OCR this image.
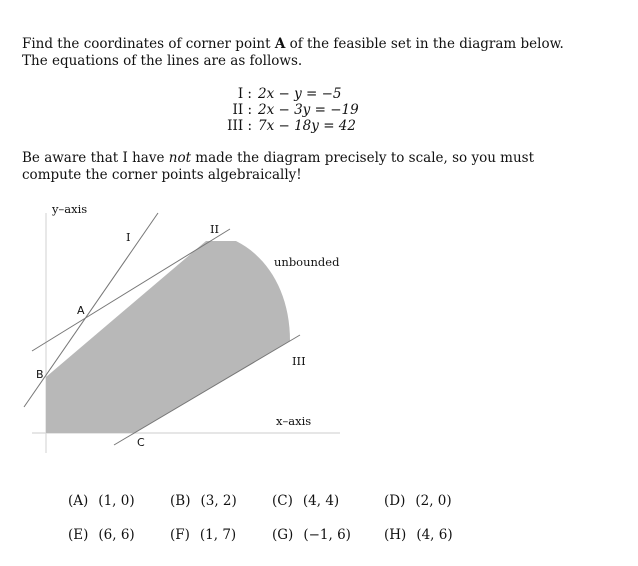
Find the coordinates of corner point A of the feasible set in the diagram below. The equations of the lines are as follows.
I : 2x − y = −5
II : 2x − 3y = −19
III : 7x − 18y = 42
Be aware that I have not made the diagram precisely to scale, so you must compute the corner points algebraically!
y–axis
x–axis
I
II
III
unbounded
A
B
C
(A) (1, 0)	(B) (3, 2)	(C) (4, 4)	(D) (2, 0)
(E) (6, 6)	(F) (1, 7)	(G) (−1, 6) (H) (4, 6)
